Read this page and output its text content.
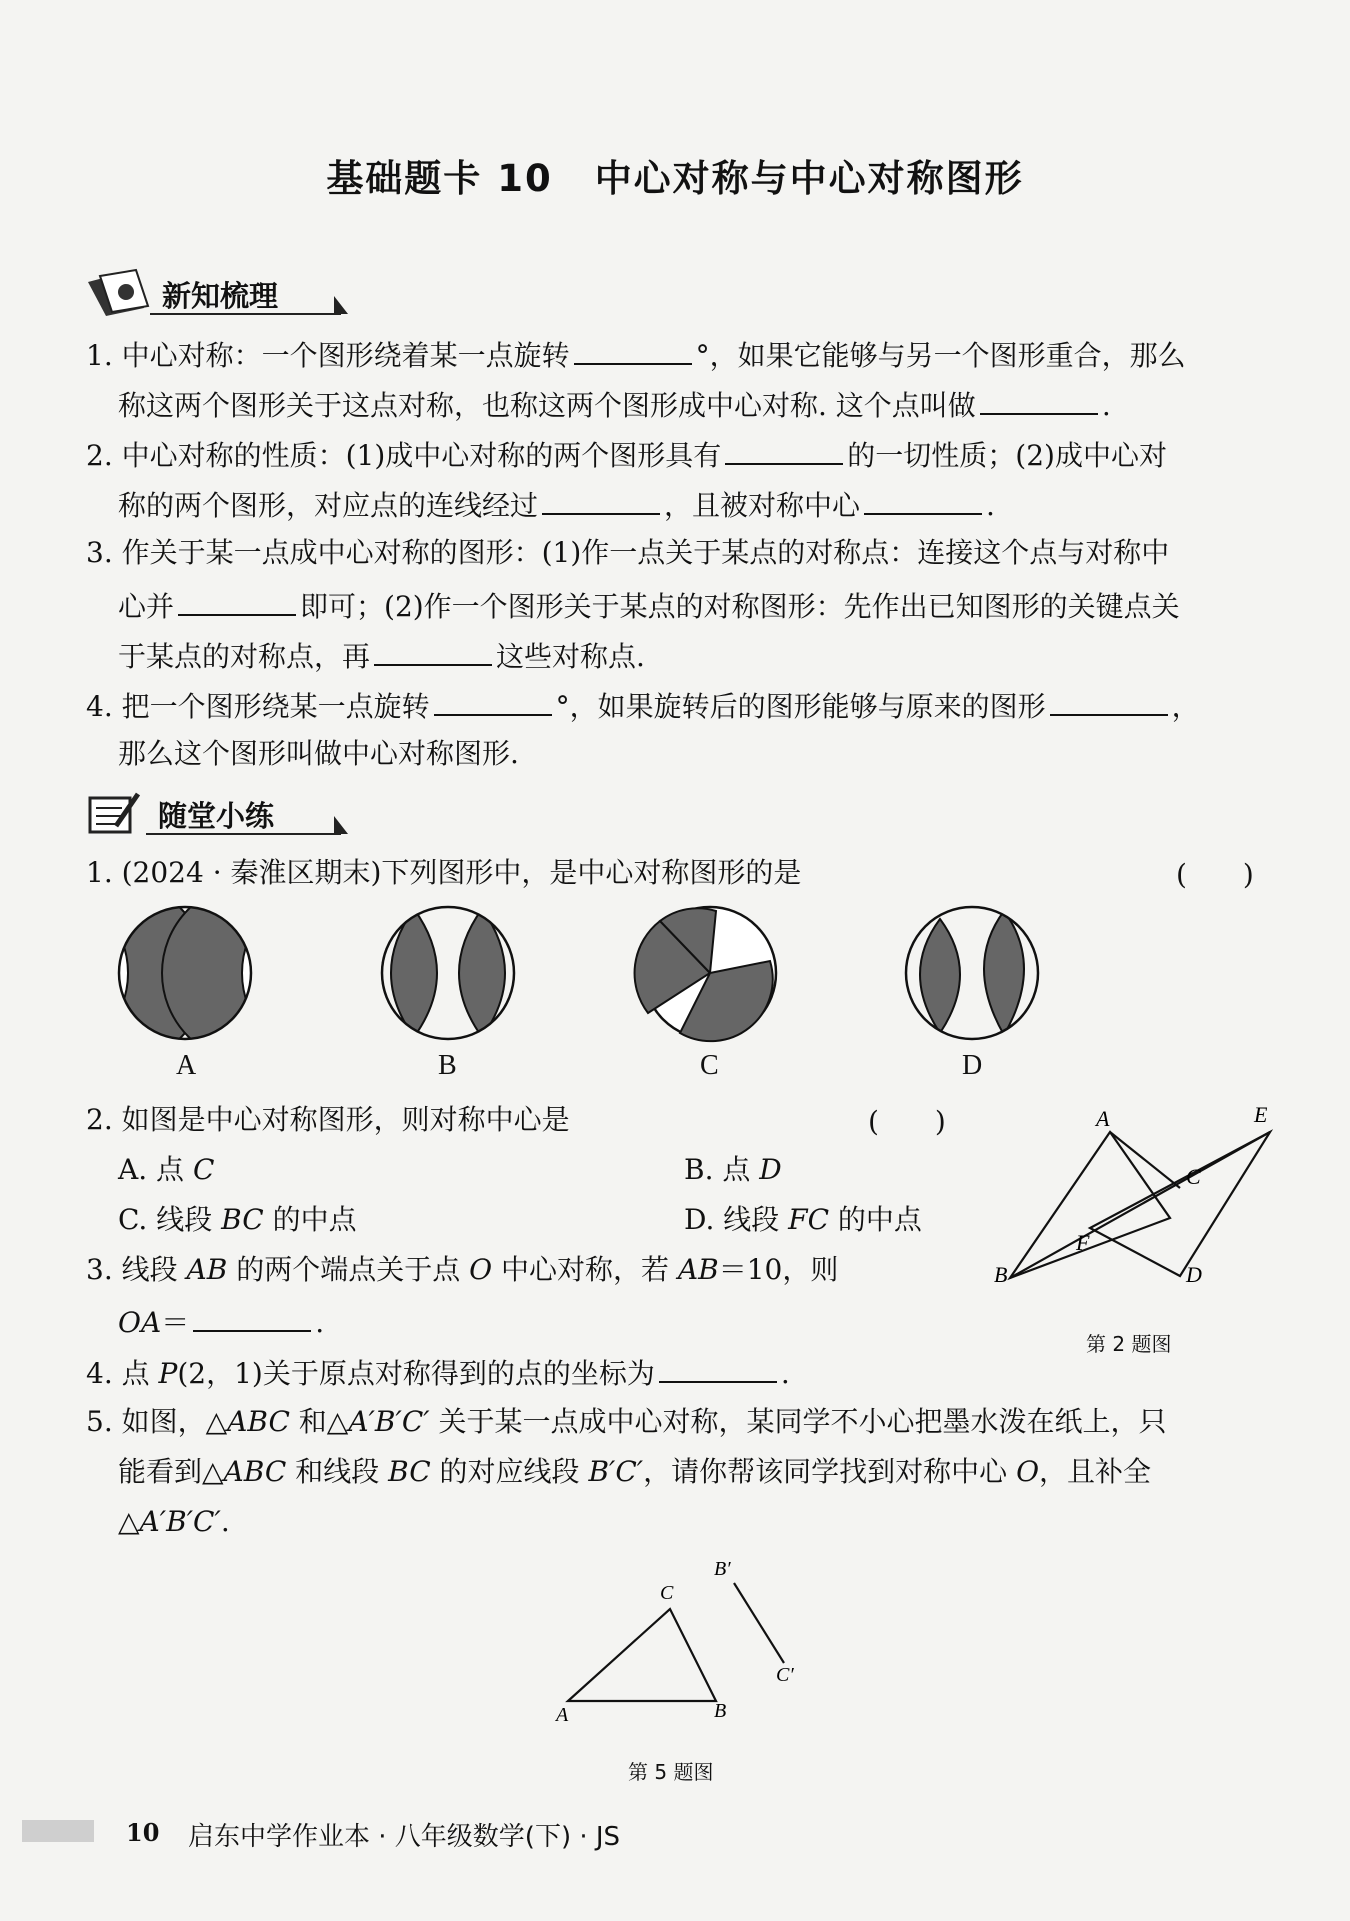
基础题卡 10 中心对称与中心对称图形
新知梳理
1. 中心对称：一个图形绕着某一点旋转	°，如果它能够与另一个图形重合，那么
称这两个图形关于这点对称，也称这两个图形成中心对称. 这个点叫做	.
2. 中心对称的性质：(1)成中心对称的两个图形具有	的一切性质；(2)成中心对
称的两个图形，对应点的连线经过	，且被对称中心	.
3. 作关于某一点成中心对称的图形：(1)作一点关于某点的对称点：连接这个点与对称中
心并	即可；(2)作一个图形关于某点的对称图形：先作出已知图形的关键点关
于某点的对称点，再	这些对称点.
4. 把一个图形绕某一点旋转	°，如果旋转后的图形能够与原来的图形	，
那么这个图形叫做中心对称图形.
随堂小练
1. (2024 · 秦淮区期末)下列图形中，是中心对称图形的是	(　　)
A	B	C	D
2. 如图是中心对称图形，则对称中心是	(　　)
A. 点 C	B. 点 D
C. 线段 BC 的中点	D. 线段 FC 的中点
A	E
C
F
B	D
第 2 题图
3. 线段 AB 的两个端点关于点 O 中心对称，若 AB＝10，则
OA＝	.
4. 点 P(2，1)关于原点对称得到的点的坐标为	.
5. 如图，△ABC 和△A′B′C′ 关于某一点成中心对称，某同学不小心把墨水泼在纸上，只
能看到△ABC 和线段 BC 的对应线段 B′C′，请你帮该同学找到对称中心 O，且补全
△A′B′C′.
C
B′
C′
A	B
第 5 题图
10 启东中学作业本 · 八年级数学(下) · JS
